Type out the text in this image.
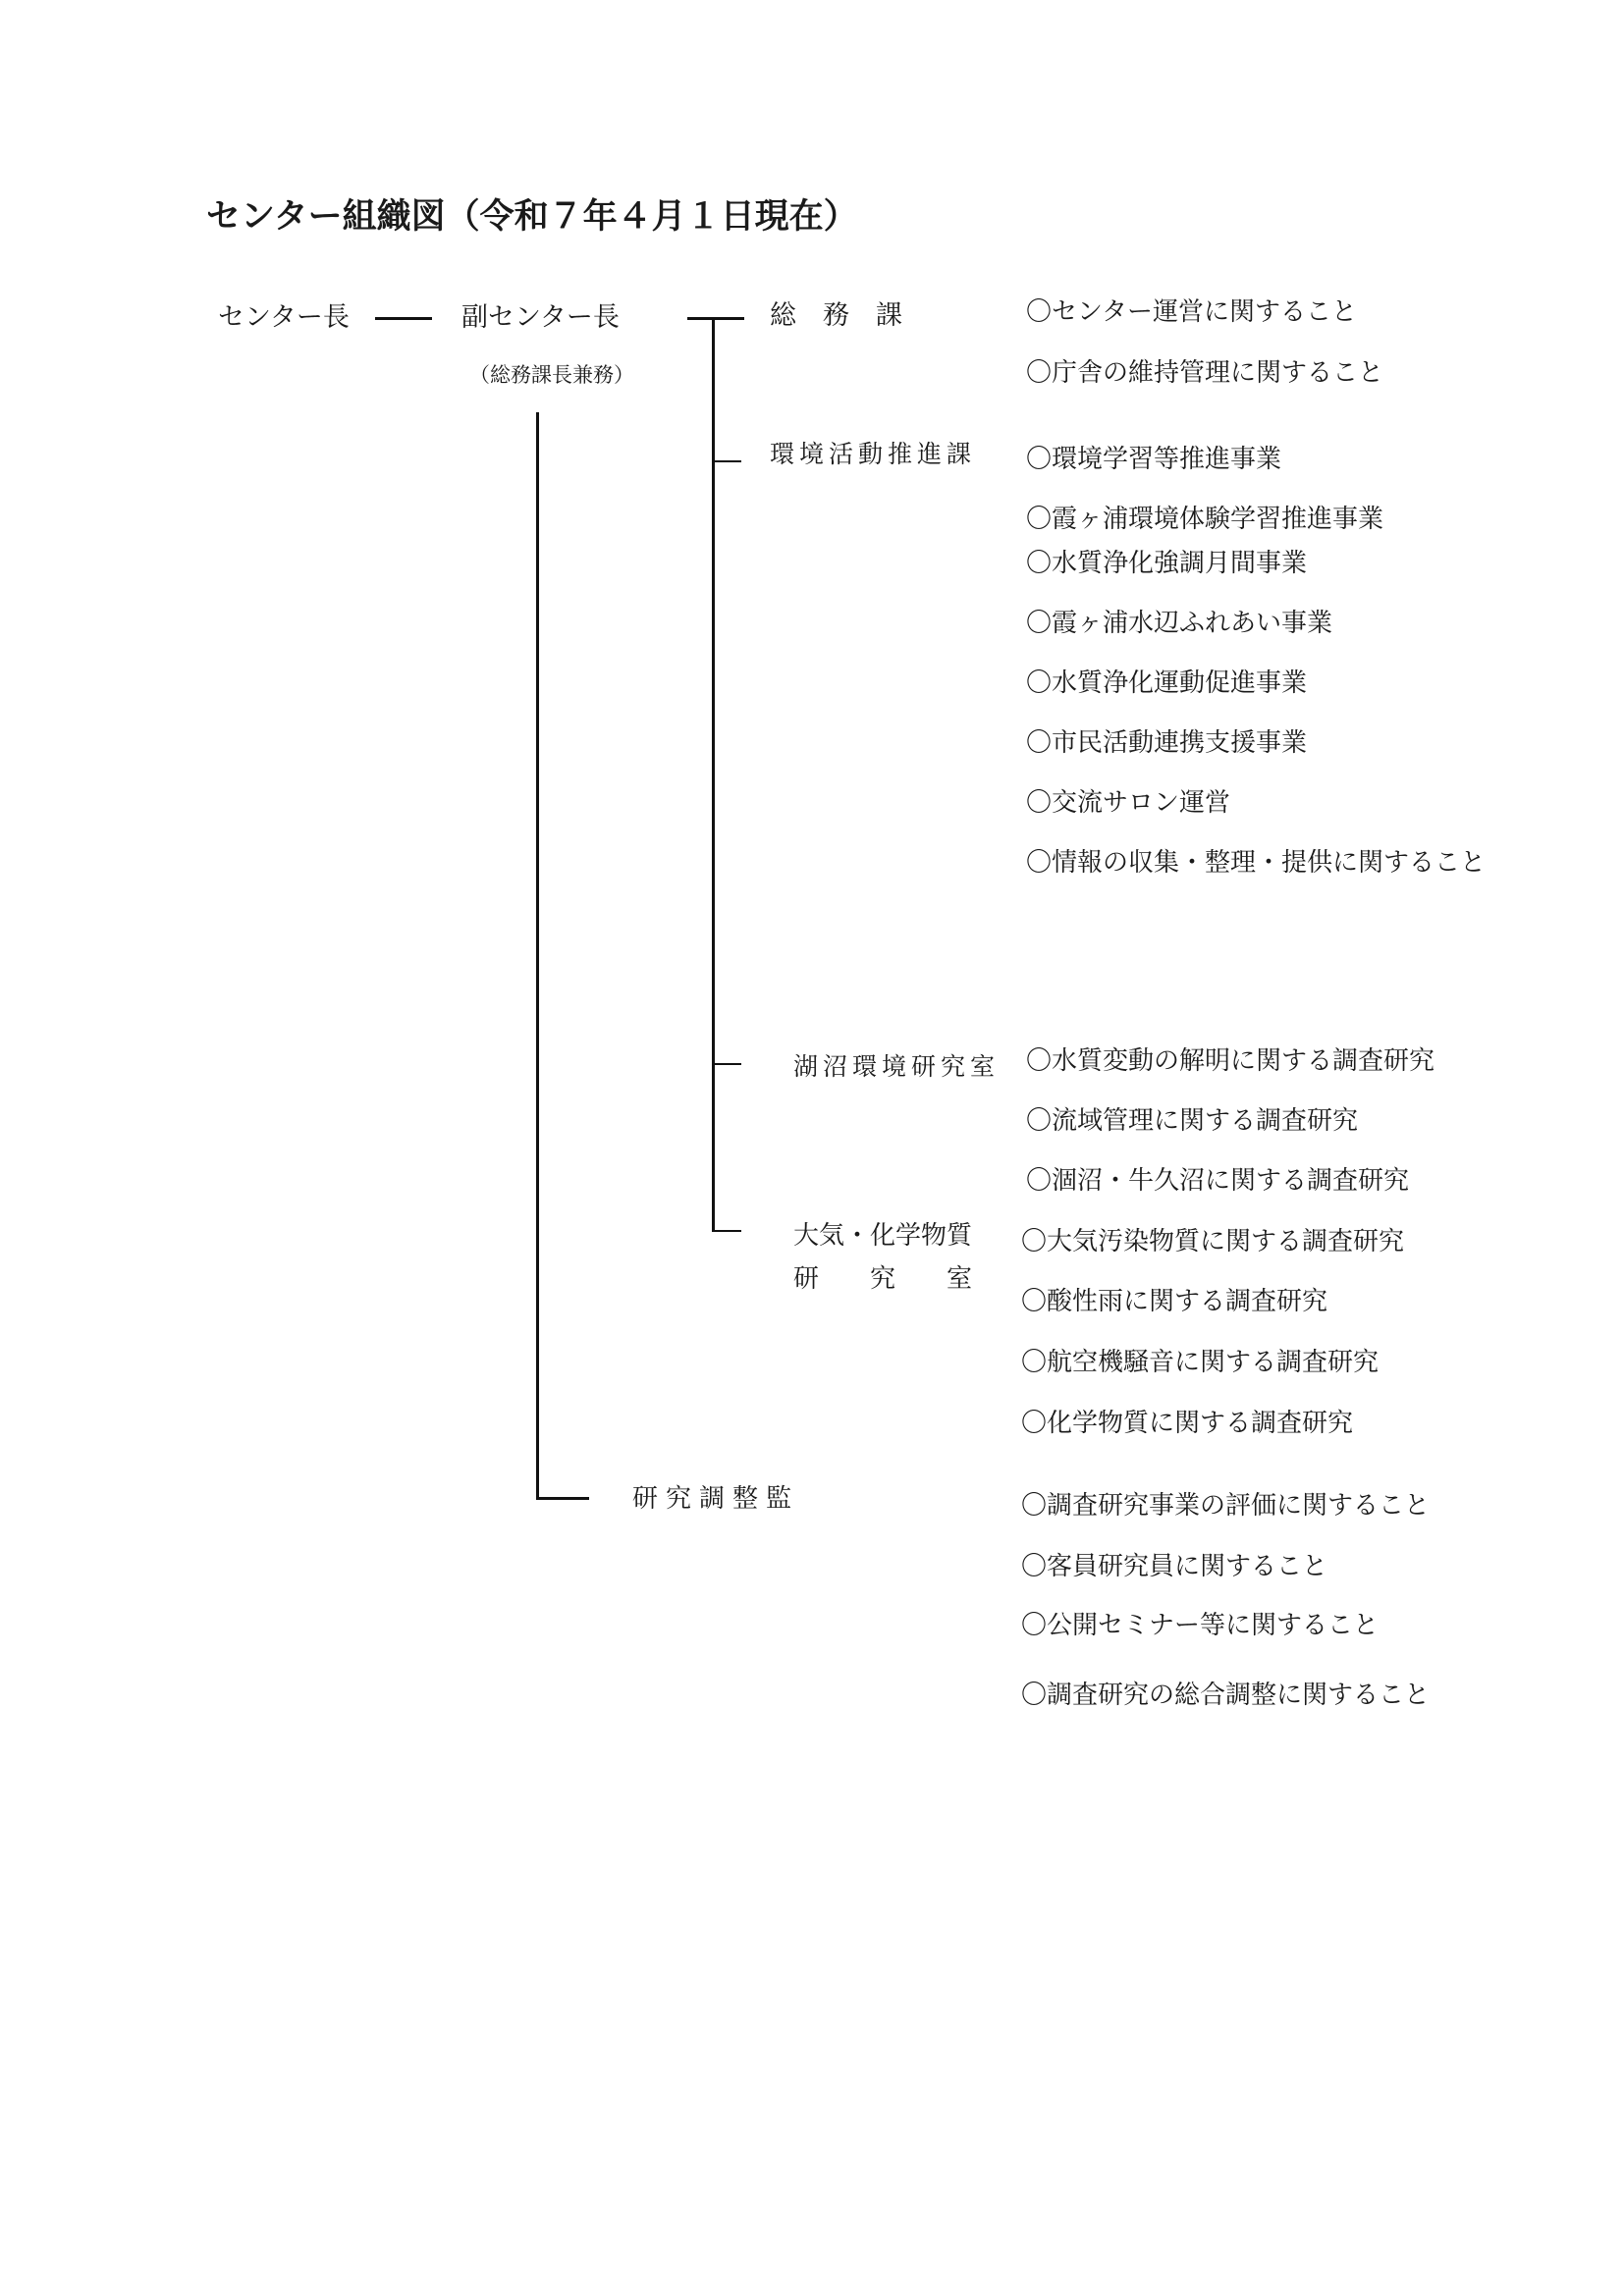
センター組織図（令和７年４月１日現在）
センター長	副センター長
（総務課長兼務）
総　務　課
環境活動推進課
湖沼環境研究室
大気・化学物質
研　　究　　室
研究調整監
〇センター運営に関すること
〇庁舎の維持管理に関すること
〇環境学習等推進事業
〇霞ヶ浦環境体験学習推進事業
〇水質浄化強調月間事業
〇霞ヶ浦水辺ふれあい事業
〇水質浄化運動促進事業
〇市民活動連携支援事業
〇交流サロン運営
〇情報の収集・整理・提供に関すること
〇水質変動の解明に関する調査研究
〇流域管理に関する調査研究
〇涸沼・牛久沼に関する調査研究
〇大気汚染物質に関する調査研究
〇酸性雨に関する調査研究
〇航空機騒音に関する調査研究
〇化学物質に関する調査研究
〇調査研究事業の評価に関すること
〇客員研究員に関すること
〇公開セミナー等に関すること
〇調査研究の総合調整に関すること
